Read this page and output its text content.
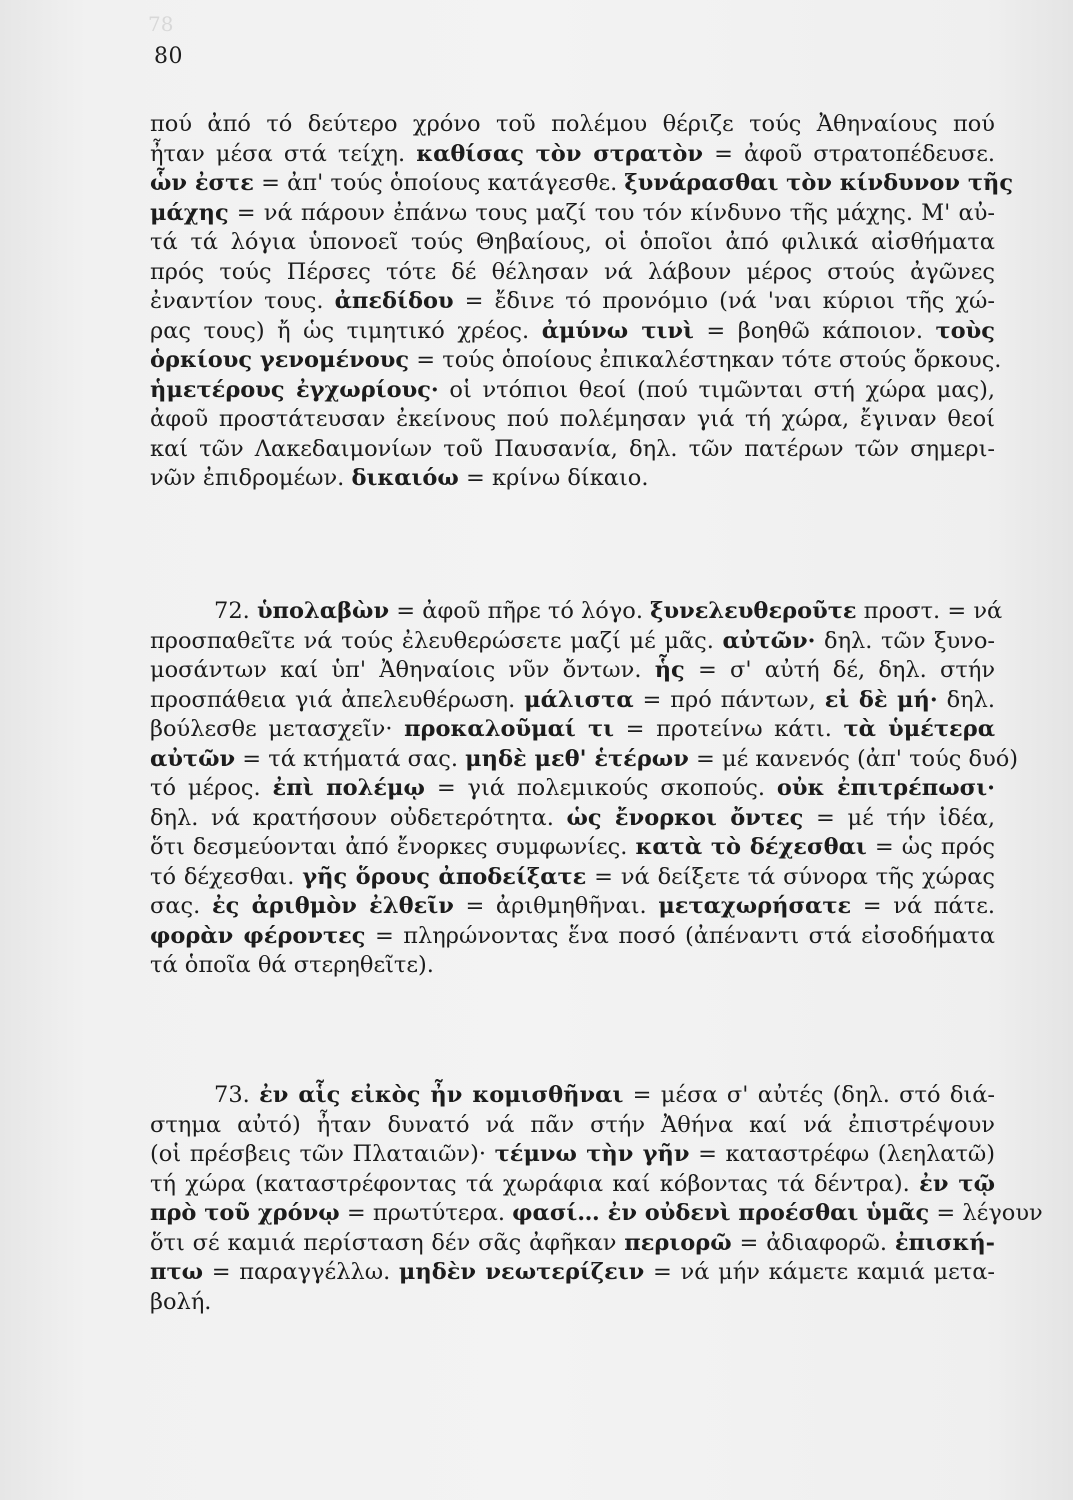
78
80
πού ἀπό τό δεύτερο χρόνο τοῦ πολέμου θέριζε τούς Ἀθηναίους πού
ἦταν μέσα στά τείχη. καθίσας τὸν στρατὸν = ἀφοῦ στρατοπέδευσε.
ὧν ἐστε = ἀπ' τούς ὁποίους κατάγεσθε. ξυνάρασθαι τὸν κίνδυνον τῆς
μάχης = νά πάρουν ἐπάνω τους μαζί του τόν κίνδυνο τῆς μάχης. Μ' αὐ-
τά τά λόγια ὑπονοεῖ τούς Θηβαίους, οἱ ὁποῖοι ἀπό φιλικά αἰσθήματα
πρός τούς Πέρσες τότε δέ θέλησαν νά λάβουν μέρος στούς ἀγῶνες
ἐναντίον τους. ἀπεδίδου = ἔδινε τό προνόμιο (νά 'ναι κύριοι τῆς χώ-
ρας τους) ἤ ὡς τιμητικό χρέος. ἀμύνω τινὶ = βοηθῶ κάποιον. τοὺς
ὁρκίους γενομένους = τούς ὁποίους ἐπικαλέστηκαν τότε στούς ὅρκους.
ἡμετέρους ἐγχωρίους· οἱ ντόπιοι θεοί (πού τιμῶνται στή χώρα μας),
ἀφοῦ προστάτευσαν ἐκείνους πού πολέμησαν γιά τή χώρα, ἔγιναν θεοί
καί τῶν Λακεδαιμονίων τοῦ Παυσανία, δηλ. τῶν πατέρων τῶν σημερι-
νῶν ἐπιδρομέων. δικαιόω = κρίνω δίκαιο.
72. ὑπολαβὼν = ἀφοῦ πῆρε τό λόγο. ξυνελευθεροῦτε προστ. = νά
προσπαθεῖτε νά τούς ἐλευθερώσετε μαζί μέ μᾶς. αὐτῶν· δηλ. τῶν ξυνο-
μοσάντων καί ὑπ' Ἀθηναίοις νῦν ὄντων. ἧς = σ' αὐτή δέ, δηλ. στήν
προσπάθεια γιά ἀπελευθέρωση. μάλιστα = πρό πάντων, εἰ δὲ μή· δηλ.
βούλεσθε μετασχεῖν· προκαλοῦμαί τι = προτείνω κάτι. τὰ ὑμέτερα
αὐτῶν = τά κτήματά σας. μηδὲ μεθ' ἑτέρων = μέ κανενός (ἀπ' τούς δυό)
τό μέρος. ἐπὶ πολέμῳ = γιά πολεμικούς σκοπούς. οὐκ ἐπιτρέπωσι·
δηλ. νά κρατήσουν οὐδετερότητα. ὡς ἔνορκοι ὄντες = μέ τήν ἰδέα,
ὅτι δεσμεύονται ἀπό ἔνορκες συμφωνίες. κατὰ τὸ δέχεσθαι = ὡς πρός
τό δέχεσθαι. γῆς ὅρους ἀποδείξατε = νά δείξετε τά σύνορα τῆς χώρας
σας. ἐς ἀριθμὸν ἐλθεῖν = ἀριθμηθῆναι. μεταχωρήσατε = νά πάτε.
φορὰν φέροντες = πληρώνοντας ἕνα ποσό (ἀπέναντι στά εἰσοδήματα
τά ὁποῖα θά στερηθεῖτε).
73. ἐν αἷς εἰκὸς ἦν κομισθῆναι = μέσα σ' αὐτές (δηλ. στό διά-
στημα αὐτό) ἦταν δυνατό νά πᾶν στήν Ἀθήνα καί νά ἐπιστρέψουν
(οἱ πρέσβεις τῶν Πλαταιῶν)· τέμνω τὴν γῆν = καταστρέφω (λεηλατῶ)
τή χώρα (καταστρέφοντας τά χωράφια καί κόβοντας τά δέντρα). ἐν τῷ
πρὸ τοῦ χρόνῳ = πρωτύτερα. φασί… ἐν οὐδενὶ προέσθαι ὑμᾶς = λέγουν
ὅτι σέ καμιά περίσταση δέν σᾶς ἀφῆκαν περιορῶ = ἀδιαφορῶ. ἐπισκή-
πτω = παραγγέλλω. μηδὲν νεωτερίζειν = νά μήν κάμετε καμιά μετα-
βολή.
